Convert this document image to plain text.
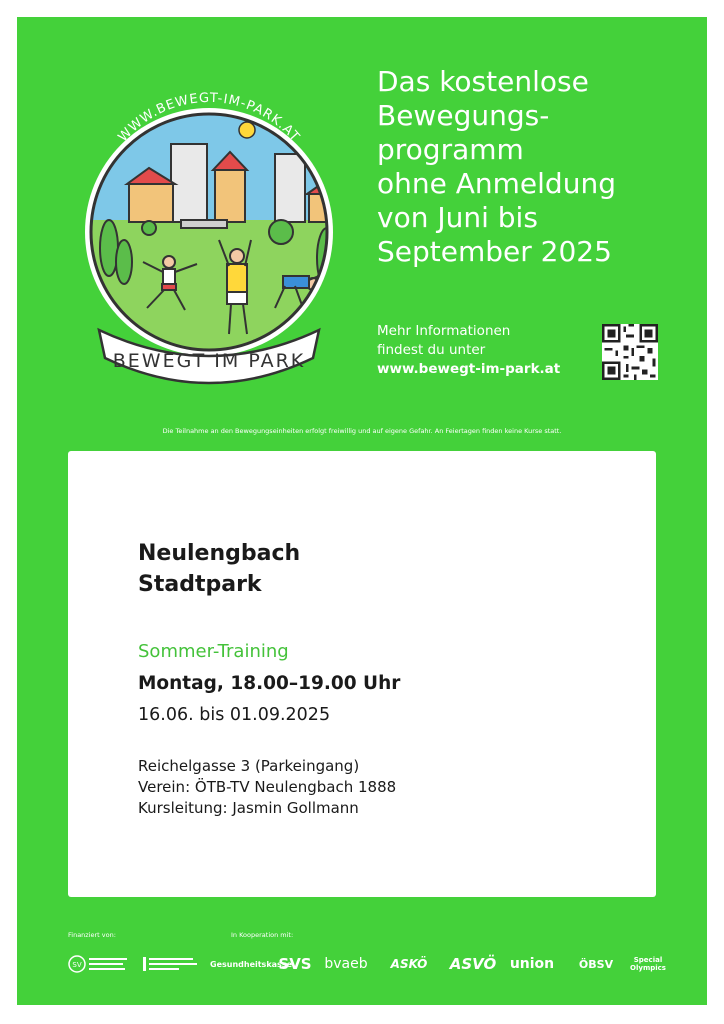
WWW.BEWEGT-IM-PARK.AT
BEWEGT IM PARK
Das kostenlose
Bewegungs-
programm
ohne Anmeldung
von Juni bis
September 2025
Mehr Informationen
findest du unter
www.bewegt-im-park.at
Die Teilnahme an den Bewegungseinheiten erfolgt freiwillig und auf eigene Gefahr. An Feiertagen finden keine Kurse statt.
Neulengbach
Stadtpark
Sommer-Training
Montag, 18.00–19.00 Uhr
16.06. bis 01.09.2025
Reichelgasse 3 (Parkeingang)
Verein: ÖTB-TV Neulengbach 1888
Kursleitung: Jasmin Gollmann
Finanziert von:	In Kooperation mit:
SV	Gesundheitskasse
SVS bvaeb	ASKÖ	ASVÖ union	ÖBSV	Special Olympics
